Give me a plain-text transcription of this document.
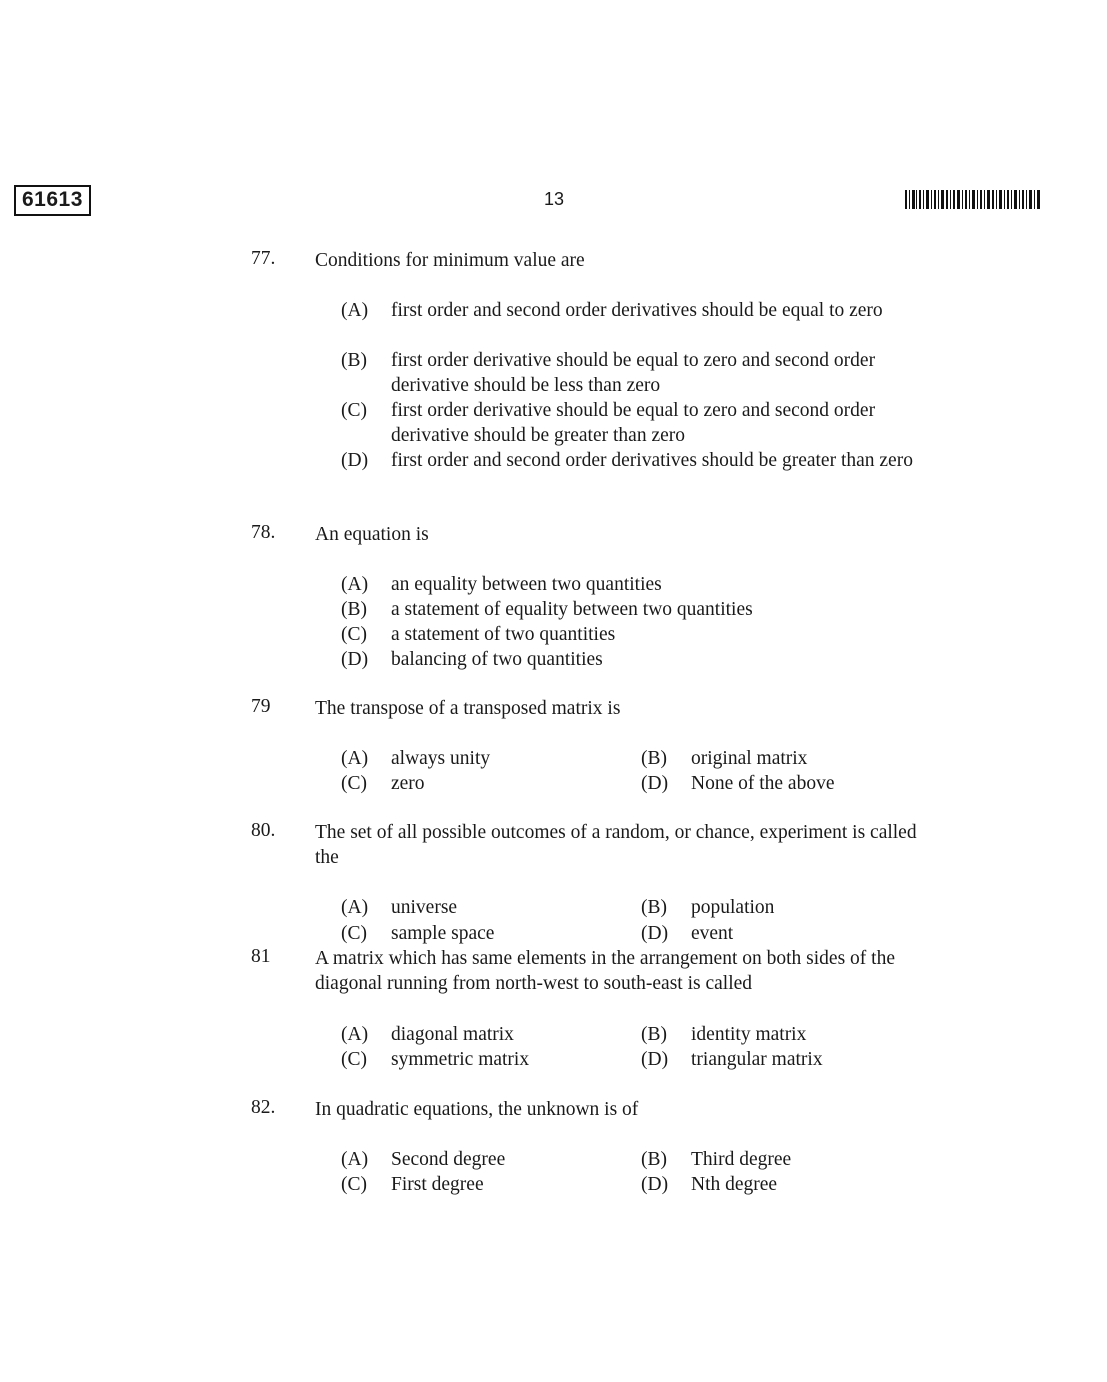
61613	13
77. Conditions for minimum value are
(A) first order and second order derivatives should be equal to zero
(B) first order derivative should be equal to zero and second order derivative should be less than zero
(C) first order derivative should be equal to zero and second order derivative should be greater than zero
(D) first order and second order derivatives should be greater than zero
78. An equation is
(A) an equality between two quantities
(B) a statement of equality between two quantities
(C) a statement of two quantities
(D) balancing of two quantities
79 The transpose of a transposed matrix is
(A) always unity	(B) original matrix
(C) zero	(D) None of the above
80. The set of all possible outcomes of a random, or chance, experiment is called the
(A) universe	(B) population
(C) sample space	(D) event
81 A matrix which has same elements in the arrangement on both sides of the diagonal running from north-west to south-east is called
(A) diagonal matrix	(B) identity matrix
(C) symmetric matrix	(D) triangular matrix
82. In quadratic equations, the unknown is of
(A) Second degree	(B) Third degree
(C) First degree	(D) Nth degree
